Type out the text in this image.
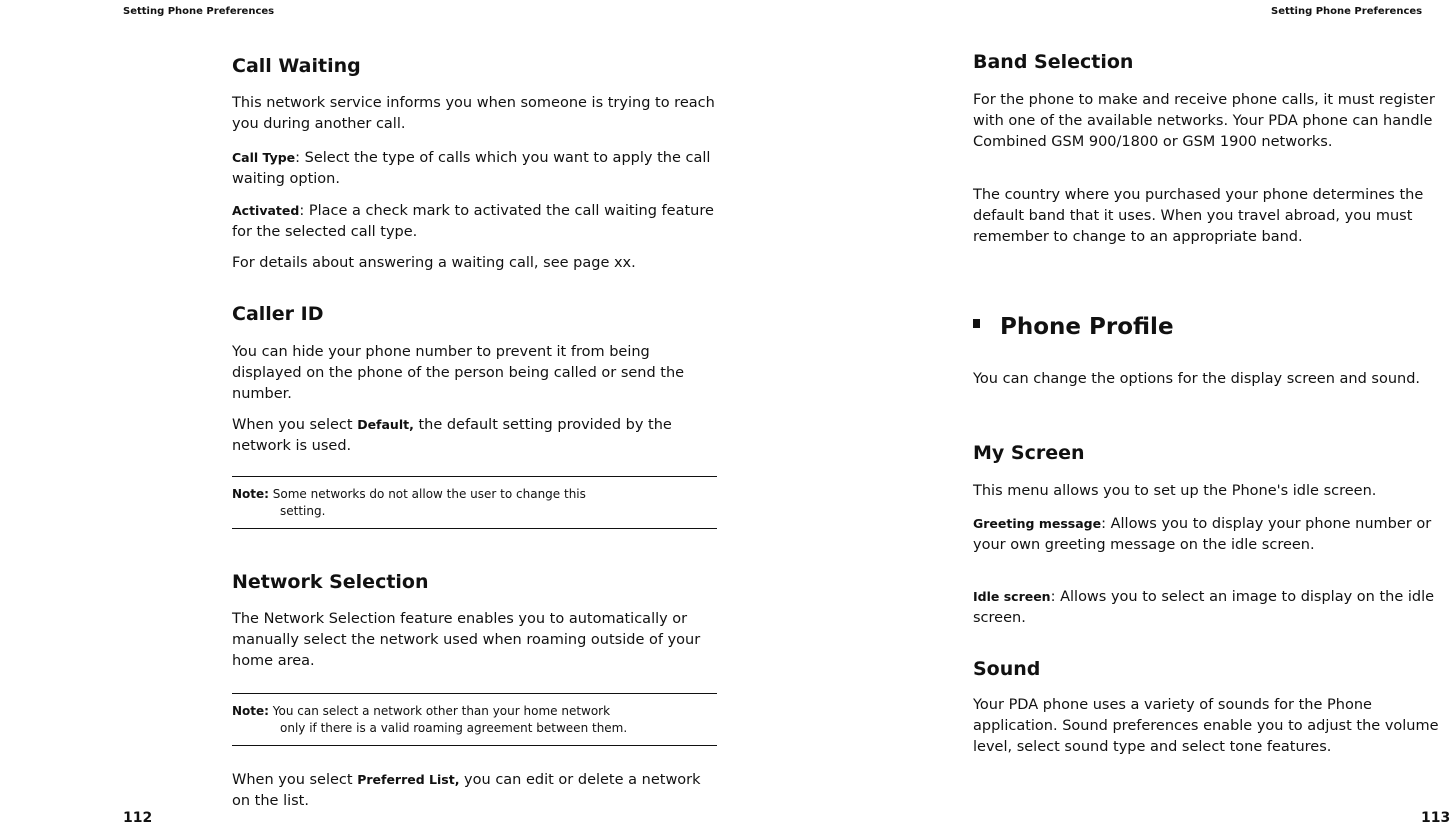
Setting Phone Preferences
Call Waiting

This network service informs you when someone is trying to reach you during another call.

Call Type: Select the type of calls which you want to apply the call waiting option.

Activated: Place a check mark to activated the call waiting feature for the selected call type.

For details about answering a waiting call, see page xx.

Caller ID

You can hide your phone number to prevent it from being displayed on the phone of the person being called or send the number.

When you select Default, the default setting provided by the network is used.

Note: Some networks do not allow the user to change this
setting.
Network Selection

The Network Selection feature enables you to automatically or manually select the network used when roaming outside of your home area.

Note: You can select a network other than your home network
only if there is a valid roaming agreement between them.

When you select Preferred List, you can edit or delete a network on the list.

112
Setting Phone Preferences
Band Selection

For the phone to make and receive phone calls, it must register with one of the available networks. Your PDA phone can handle Combined GSM 900/1800 or GSM 1900 networks.

The country where you purchased your phone determines the default band that it uses. When you travel abroad, you must remember to change to an appropriate band.

Phone Profile

You can change the options for the display screen and sound.

My Screen

This menu allows you to set up the Phone's idle screen.

Greeting message: Allows you to display your phone number or your own greeting message on the idle screen.

Idle screen: Allows you to select an image to display on the idle screen.

Sound

Your PDA phone uses a variety of sounds for the Phone application. Sound preferences enable you to adjust the volume level, select sound type and select tone features.

113
